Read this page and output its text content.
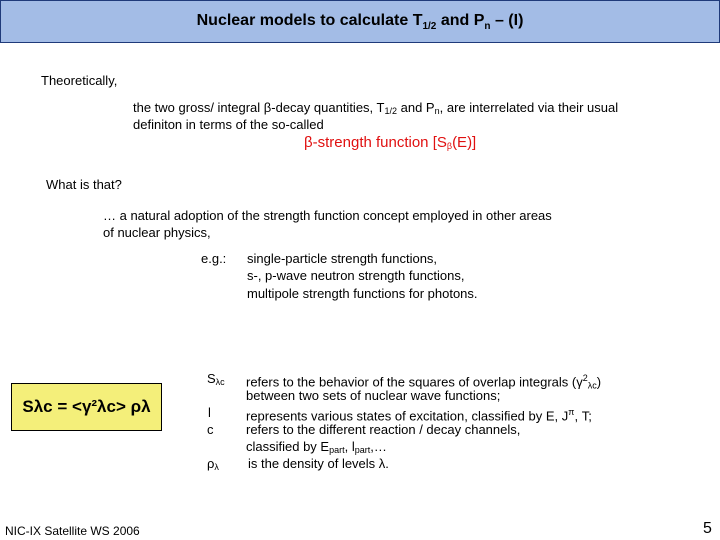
Nuclear models to calculate $T_{1/2}$ and $P_n - (I)$
Theoretically,
the two gross/ integral β-decay quantities, $T_{1/2}$ and $P_n$, are interrelated via their usual
definiton in terms of the so-called
β-strength function $[S_\beta(E)]$
What is that?
… a natural adoption of the strength function concept employed in other areas
of nuclear physics,
e.g.: single-particle strength functions,
s-, p-wave neutron strength functions,
multipole strength functions for photons.
Sλc = <γ²λc> ρλ
$S_{\lambda c}$
l
c
$\rho_\lambda$
refers to the behavior of the squares of overlap integrals $(\gamma^2_{\lambda c})$
between two sets of nuclear wave functions;
represents various states of excitation, classified by E, $J^\pi$, T;
refers to the different reaction / decay channels,
classified by $E_{part}$, $l_{part},\dots$
is the density of levels λ.
NIC-IX Satellite WS 2006	5
